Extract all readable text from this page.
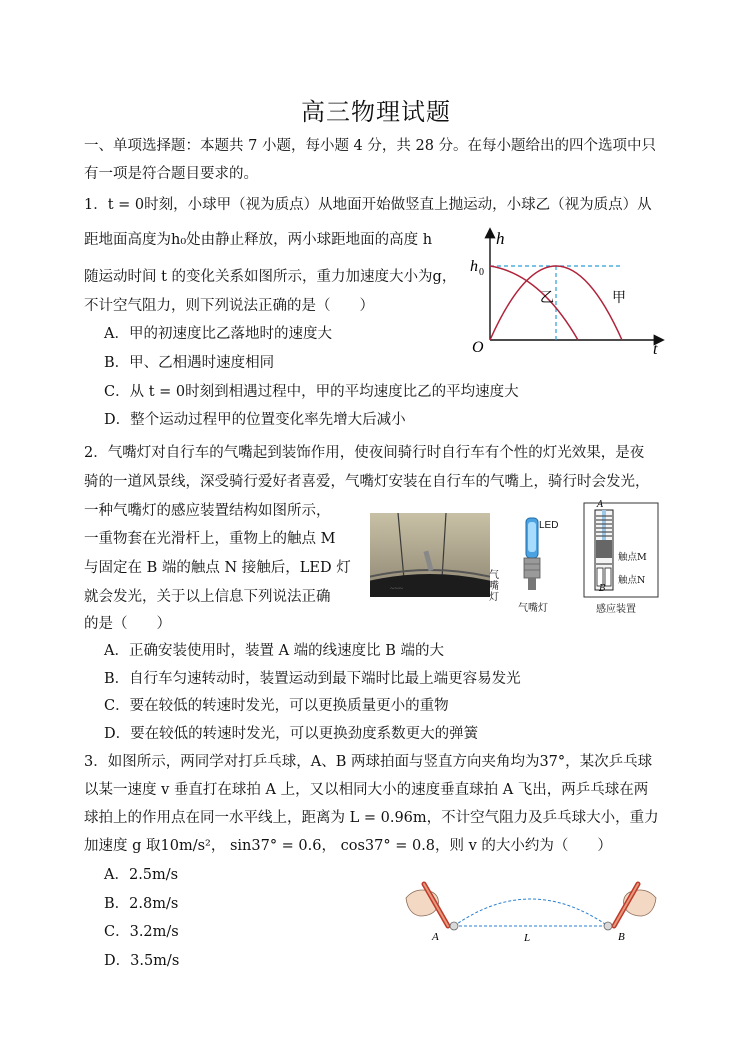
高三物理试题
一、单项选择题：本题共 7 小题，每小题 4 分，共 28 分。在每小题给出的四个选项中只
有一项是符合题目要求的。
1．t = 0时刻，小球甲（视为质点）从地面开始做竖直上抛运动，小球乙（视为质点）从
距地面高度为h₀处由静止释放，两小球距地面的高度 h
随运动时间 t 的变化关系如图所示，重力加速度大小为g，
不计空气阻力，则下列说法正确的是（　　）
A．甲的初速度比乙落地时的速度大
B．甲、乙相遇时速度相同
C．从 t = 0时刻到相遇过程中，甲的平均速度比乙的平均速度大
D．整个运动过程甲的位置变化率先增大后减小
h
h 0
O	t
乙	甲
2．气嘴灯对自行车的气嘴起到装饰作用，使夜间骑行时自行车有个性的灯光效果，是夜
骑的一道风景线，深受骑行爱好者喜爱，气嘴灯安装在自行车的气嘴上，骑行时会发光，
一种气嘴灯的感应装置结构如图所示，
一重物套在光滑杆上，重物上的触点 M
与固定在 B 端的触点 N 接触后，LED 灯
就会发光，关于以上信息下列说法正确
的是（　　）
A．正确安装使用时，装置 A 端的线速度比 B 端的大
B．自行车匀速转动时，装置运动到最下端时比最上端更容易发光
C．要在较低的转速时发光，可以更换质量更小的重物
D．要在较低的转速时发光，可以更换劲度系数更大的弹簧
~~~
气
嘴
灯
LED
气嘴灯
A
B
触点M
触点N
感应装置
3．如图所示，两同学对打乒乓球，A、B 两球拍面与竖直方向夹角均为37°，某次乒乓球
以某一速度 v 垂直打在球拍 A 上，又以相同大小的速度垂直球拍 A 飞出，两乒乓球在两
球拍上的作用点在同一水平线上，距离为 L = 0.96m，不计空气阻力及乒乓球大小，重力
加速度 g 取10m/s²， sin37° = 0.6， cos37° = 0.8，则 v 的大小约为（　　）
A．2.5m/s
B．2.8m/s
C．3.2m/s
D．3.5m/s
A	B
L
